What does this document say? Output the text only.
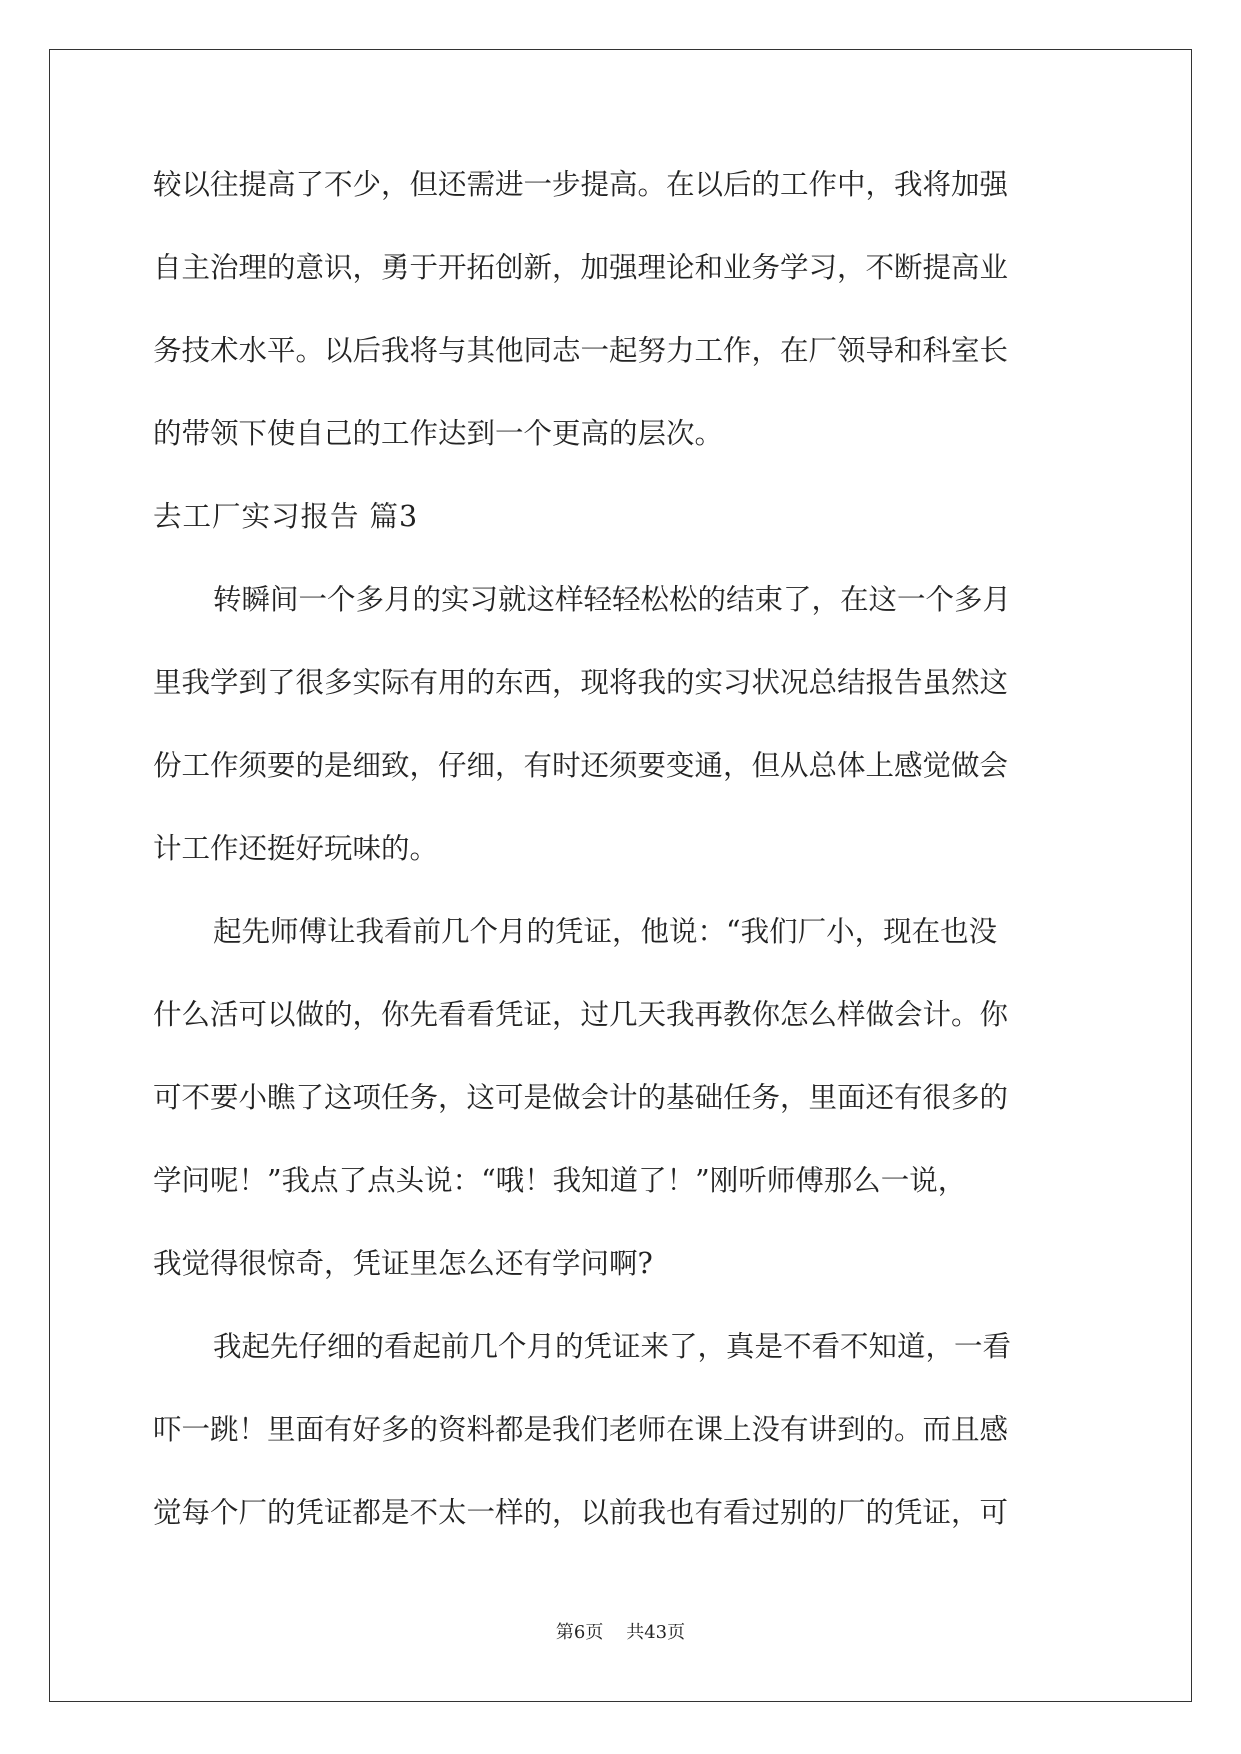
较以往提高了不少，但还需进一步提高。在以后的工作中，我将加强
自主治理的意识，勇于开拓创新，加强理论和业务学习，不断提高业
务技术水平。以后我将与其他同志一起努力工作，在厂领导和科室长
的带领下使自己的工作达到一个更高的层次。
去工厂实习报告 篇3
转瞬间一个多月的实习就这样轻轻松松的结束了，在这一个多月
里我学到了很多实际有用的东西，现将我的实习状况总结报告虽然这
份工作须要的是细致，仔细，有时还须要变通，但从总体上感觉做会
计工作还挺好玩味的。
起先师傅让我看前几个月的凭证，他说：“我们厂小，现在也没
什么活可以做的，你先看看凭证，过几天我再教你怎么样做会计。你
可不要小瞧了这项任务，这可是做会计的基础任务，里面还有很多的
学问呢！”我点了点头说：“哦！我知道了！”刚听师傅那么一说，
我觉得很惊奇，凭证里怎么还有学问啊?
我起先仔细的看起前几个月的凭证来了，真是不看不知道，一看
吓一跳！里面有好多的资料都是我们老师在课上没有讲到的。而且感
觉每个厂的凭证都是不太一样的，以前我也有看过别的厂的凭证，可
第6页 共43页
